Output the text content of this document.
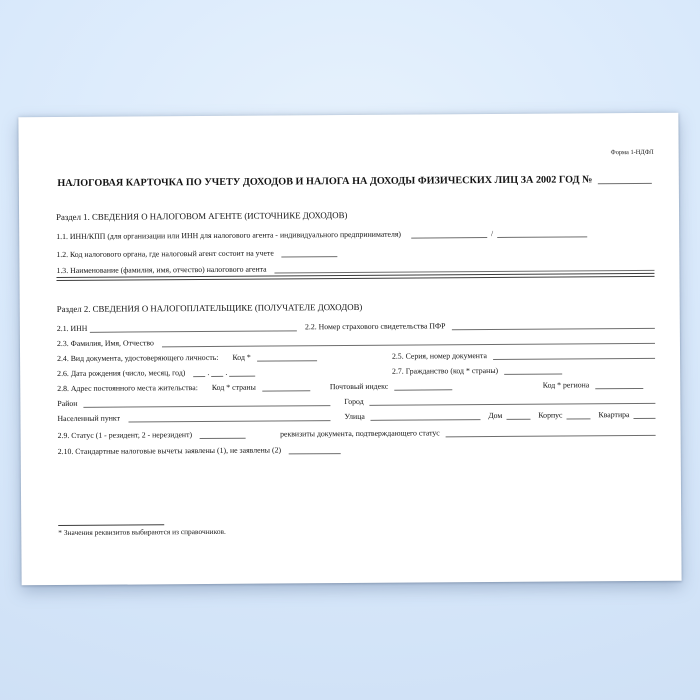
Форма 1-НДФЛ
НАЛОГОВАЯ КАРТОЧКА ПО УЧЕТУ ДОХОДОВ И НАЛОГА НА ДОХОДЫ ФИЗИЧЕСКИХ ЛИЦ ЗА 2002 ГОД №
Раздел 1. СВЕДЕНИЯ О НАЛОГОВОМ АГЕНТЕ (ИСТОЧНИКЕ ДОХОДОВ)
1.1. ИНН/КПП (для организации или ИНН для налогового агента - индивидуального предпринимателя)	/
1.2. Код налогового органа, где налоговый агент состоит на учете
1.3. Наименование (фамилия, имя, отчество) налогового агента
Раздел 2. СВЕДЕНИЯ О НАЛОГОПЛАТЕЛЬЩИКЕ (ПОЛУЧАТЕЛЕ ДОХОДОВ)
2.1. ИНН	2.2. Номер страхового свидетельства ПФР
2.3. Фамилия, Имя, Отчество
2.4. Вид документа, удостоверяющего личность: Код *	2.5. Серия, номер документа
2.6. Дата рождения (число, месяц, год)	. .	2.7. Гражданство (код * страны)
2.8. Адрес постоянного места жительства: Код * страны	Почтовый индекс	Код * региона
Район	Город
Населенный пункт	Улица	Дом	Корпус	Квартира
2.9. Статус (1 - резидент, 2 - нерезидент)	реквизиты документа, подтверждающего статус
2.10. Стандартные налоговые вычеты заявлены (1), не заявлены (2)
* Значения реквизитов выбираются из справочников.
